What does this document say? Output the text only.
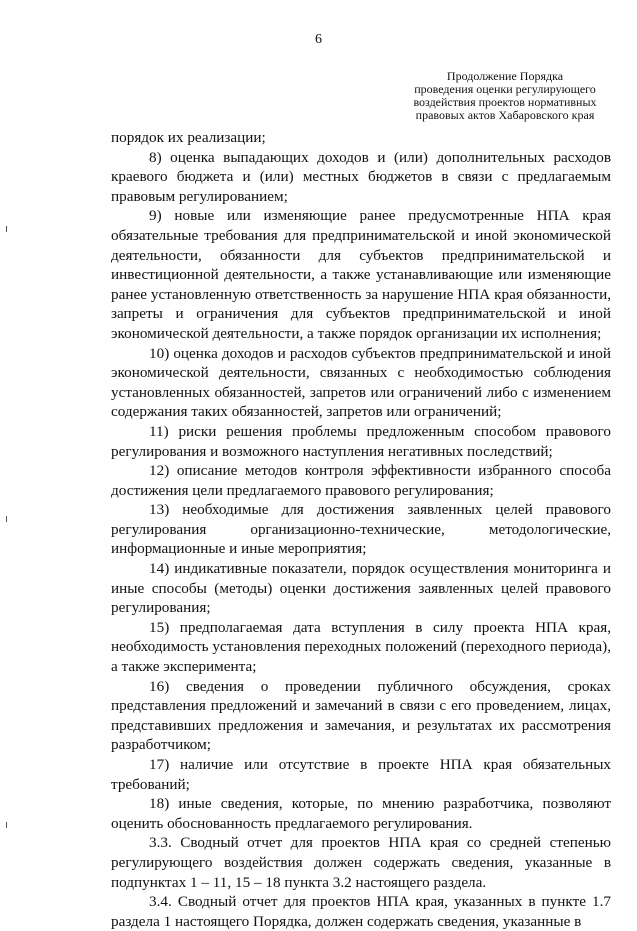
6
Продолжение Порядка
проведения оценки регулирующего
воздействия проектов нормативных
правовых актов Хабаровского края

порядок их реализации;

8) оценка выпадающих доходов и (или) дополнительных расходов краевого бюджета и (или) местных бюджетов в связи с предлагаемым правовым регулированием;

9) новые или изменяющие ранее предусмотренные НПА края обязательные требования для предпринимательской и иной экономической деятельности, обязанности для субъектов предпринимательской и инвестиционной деятельности, а также устанавливающие или изменяющие ранее установленную ответственность за нарушение НПА края обязанности, запреты и ограничения для субъектов предпринимательской и иной экономической деятельности, а также порядок организации их исполнения;

10) оценка доходов и расходов субъектов предпринимательской и иной экономической деятельности, связанных с необходимостью соблюдения установленных обязанностей, запретов или ограничений либо с изменением содержания таких обязанностей, запретов или ограничений;

11) риски решения проблемы предложенным способом правового регулирования и возможного наступления негативных последствий;

12) описание методов контроля эффективности избранного способа достижения цели предлагаемого правового регулирования;

13) необходимые для достижения заявленных целей правового регулирования организационно-технические, методологические, информационные и иные мероприятия;

14) индикативные показатели, порядок осуществления мониторинга и иные способы (методы) оценки достижения заявленных целей правового регулирования;

15) предполагаемая дата вступления в силу проекта НПА края, необходимость установления переходных положений (переходного периода), а также эксперимента;

16) сведения о проведении публичного обсуждения, сроках представления предложений и замечаний в связи с его проведением, лицах, представивших предложения и замечания, и результатах их рассмотрения разработчиком;

17) наличие или отсутствие в проекте НПА края обязательных требований;

18) иные сведения, которые, по мнению разработчика, позволяют оценить обоснованность предлагаемого регулирования.

3.3. Сводный отчет для проектов НПА края со средней степенью регулирующего воздействия должен содержать сведения, указанные в подпунктах 1 – 11, 15 – 18 пункта 3.2 настоящего раздела.

3.4. Сводный отчет для проектов НПА края, указанных в пункте 1.7 раздела 1 настоящего Порядка, должен содержать сведения, указанные в
